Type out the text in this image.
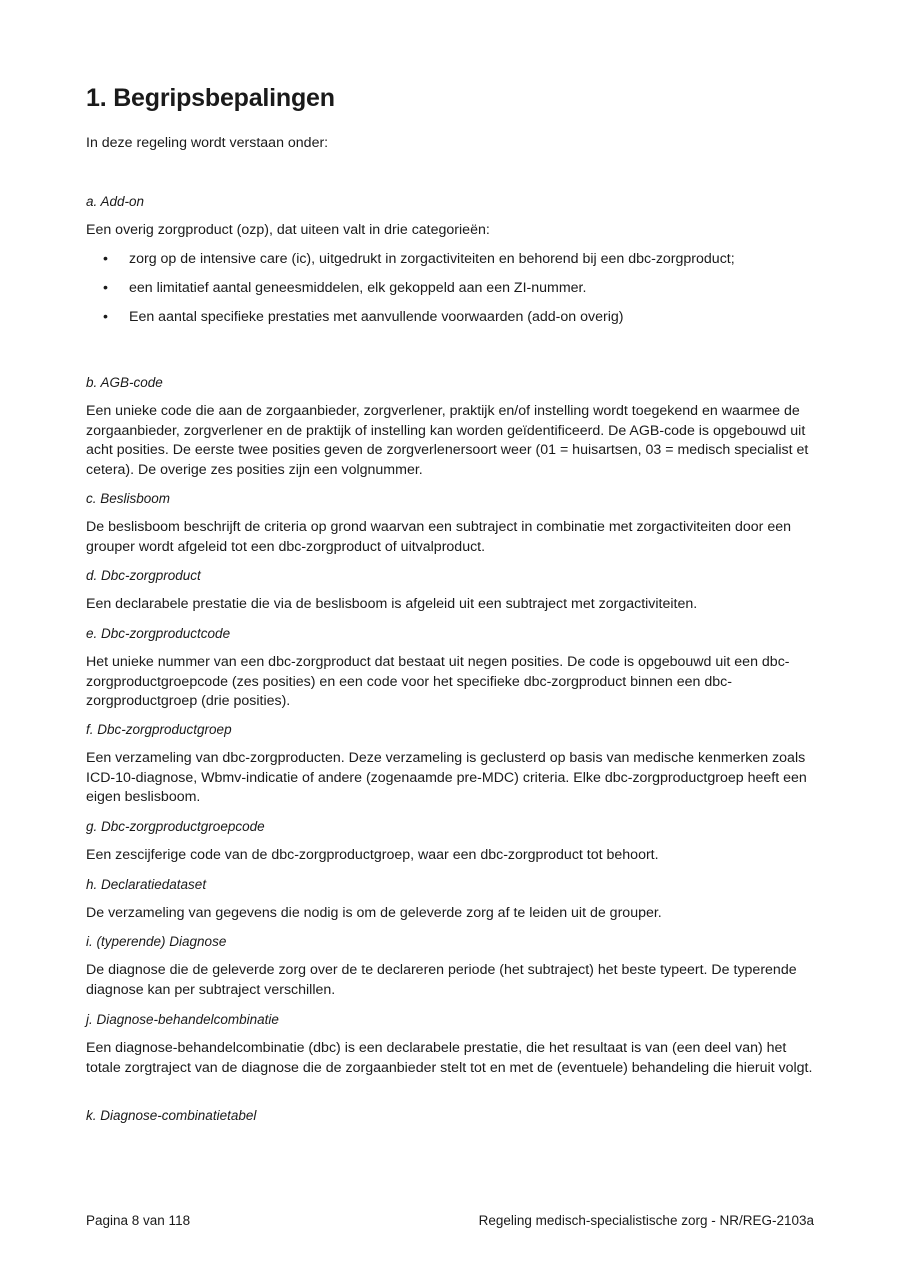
1. Begripsbepalingen

In deze regeling wordt verstaan onder:

a. Add-on

Een overig zorgproduct (ozp), dat uiteen valt in drie categorieën:

• zorg op de intensive care (ic), uitgedrukt in zorgactiviteiten en behorend bij een dbc-zorgproduct;
• een limitatief aantal geneesmiddelen, elk gekoppeld aan een ZI-nummer.
• Een aantal specifieke prestaties met aanvullende voorwaarden (add-on overig)

b. AGB-code

Een unieke code die aan de zorgaanbieder, zorgverlener, praktijk en/of instelling wordt toegekend en waarmee de zorgaanbieder, zorgverlener en de praktijk of instelling kan worden geïdentificeerd. De AGB-code is opgebouwd uit acht posities. De eerste twee posities geven de zorgverlenersoort weer (01 = huisartsen, 03 = medisch specialist et cetera). De overige zes posities zijn een volgnummer.

c. Beslisboom

De beslisboom beschrijft de criteria op grond waarvan een subtraject in combinatie met zorgactiviteiten door een grouper wordt afgeleid tot een dbc-zorgproduct of uitvalproduct.

d. Dbc-zorgproduct

Een declarabele prestatie die via de beslisboom is afgeleid uit een subtraject met zorgactiviteiten.

e. Dbc-zorgproductcode

Het unieke nummer van een dbc-zorgproduct dat bestaat uit negen posities. De code is opgebouwd uit een dbc-zorgproductgroepcode (zes posities) en een code voor het specifieke dbc-zorgproduct binnen een dbc-zorgproductgroep (drie posities).

f. Dbc-zorgproductgroep

Een verzameling van dbc-zorgproducten. Deze verzameling is geclusterd op basis van medische kenmerken zoals ICD-10-diagnose, Wbmv-indicatie of andere (zogenaamde pre-MDC) criteria. Elke dbc-zorgproductgroep heeft een eigen beslisboom.

g. Dbc-zorgproductgroepcode

Een zescijferige code van de dbc-zorgproductgroep, waar een dbc-zorgproduct tot behoort.

h. Declaratiedataset

De verzameling van gegevens die nodig is om de geleverde zorg af te leiden uit de grouper.

i. (typerende) Diagnose

De diagnose die de geleverde zorg over de te declareren periode (het subtraject) het beste typeert. De typerende diagnose kan per subtraject verschillen.

j. Diagnose-behandelcombinatie

Een diagnose-behandelcombinatie (dbc) is een declarabele prestatie, die het resultaat is van (een deel van) het totale zorgtraject van de diagnose die de zorgaanbieder stelt tot en met de (eventuele) behandeling die hieruit volgt.

k. Diagnose-combinatietabel

Pagina 8 van 118	Regeling medisch-specialistische zorg - NR/REG-2103a
